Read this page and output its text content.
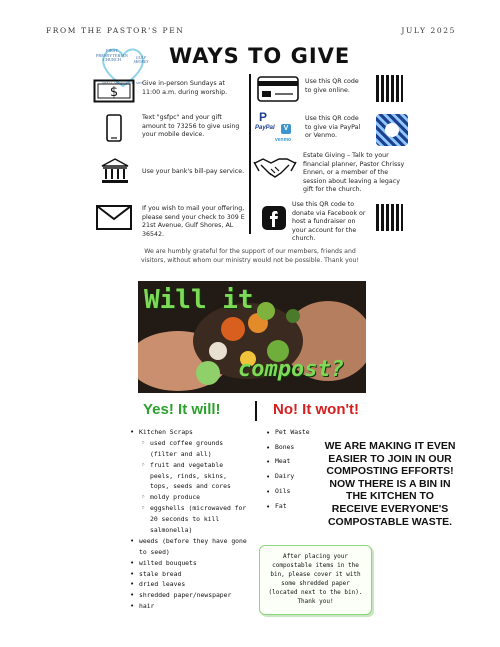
FROM THE PASTOR'S PEN	JULY 2025
FIRST
PRESBYTERIAN
CHURCH	GULF SHORES
SHELL SHORES FOR MEN
WAYS TO GIVE
$
Give in-person Sundays at 11:00 a.m. during worship.
Text "gsfpc" and your gift amount to 73256 to give using your mobile device.
Use your bank's bill-pay service.
If you wish to mail your offering, please send your check to 309 E 21st Avenue, Gulf Shores, AL 36542.
Use this QR code to give online.
P
PayPal	V
venmo
Use this QR code to give via PayPal or Venmo.
Estate Giving – Talk to your financial planner, Pastor Chrissy Ennen, or a member of the session about leaving a legacy gift for the church.
Use this QR code to donate via Facebook or host a fundraiser on your account for the church.
We are humbly grateful for the support of our members, friends and visitors, without whom our ministry would not be possible. Thank you!
Will it
compost?
Yes! It will!	No! It won't!
• Kitchen Scraps
◦ used coffee grounds (filter and all)
◦ fruit and vegetable peels, rinds, skins, tops, seeds and cores
◦ moldy produce
◦ eggshells (microwaved for 20 seconds to kill salmonella)
• weeds (before they have gone to seed)
• wilted bouquets
• stale bread
• dried leaves
• shredded paper/newspaper
• hair
• Pet Waste
• Bones
• Meat
• Dairy
• Oils
• Fat
WE ARE MAKING IT EVEN EASIER TO JOIN IN OUR COMPOSTING EFFORTS! NOW THERE IS A BIN IN THE KITCHEN TO RECEIVE EVERYONE'S COMPOSTABLE WASTE.
After placing your compostable items in the bin, please cover it with some shredded paper (located next to the bin). Thank you!
